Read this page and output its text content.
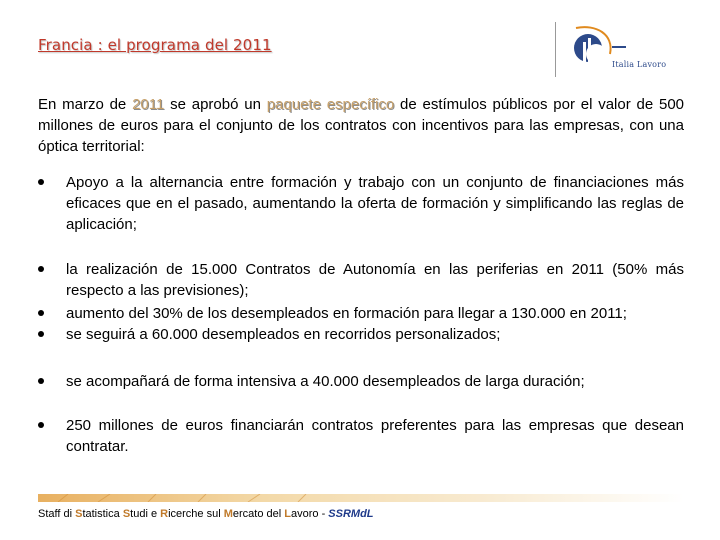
Francia : el programa del 2011
Italia Lavoro
En marzo de 2011 se aprobó un paquete específico de estímulos públicos por el valor de 500 millones de euros para el conjunto de los contratos con incentivos para las empresas, con una óptica territorial:
Apoyo a la alternancia entre formación y trabajo con un conjunto de financiaciones más eficaces que en el pasado, aumentando la oferta de formación y simplificando las reglas de aplicación;
la realización de 15.000 Contratos de Autonomía en las periferias en 2011 (50% más respecto a las previsiones);
aumento del 30% de los desempleados en formación para llegar a 130.000 en 2011;
se seguirá a 60.000 desempleados en recorridos personalizados;
se acompañará de forma intensiva a 40.000 desempleados de larga duración;
250 millones de euros financiarán contratos preferentes para las empresas que desean contratar.
Staff di Statistica Studi e Ricerche sul Mercato del Lavoro - SSRMdL
